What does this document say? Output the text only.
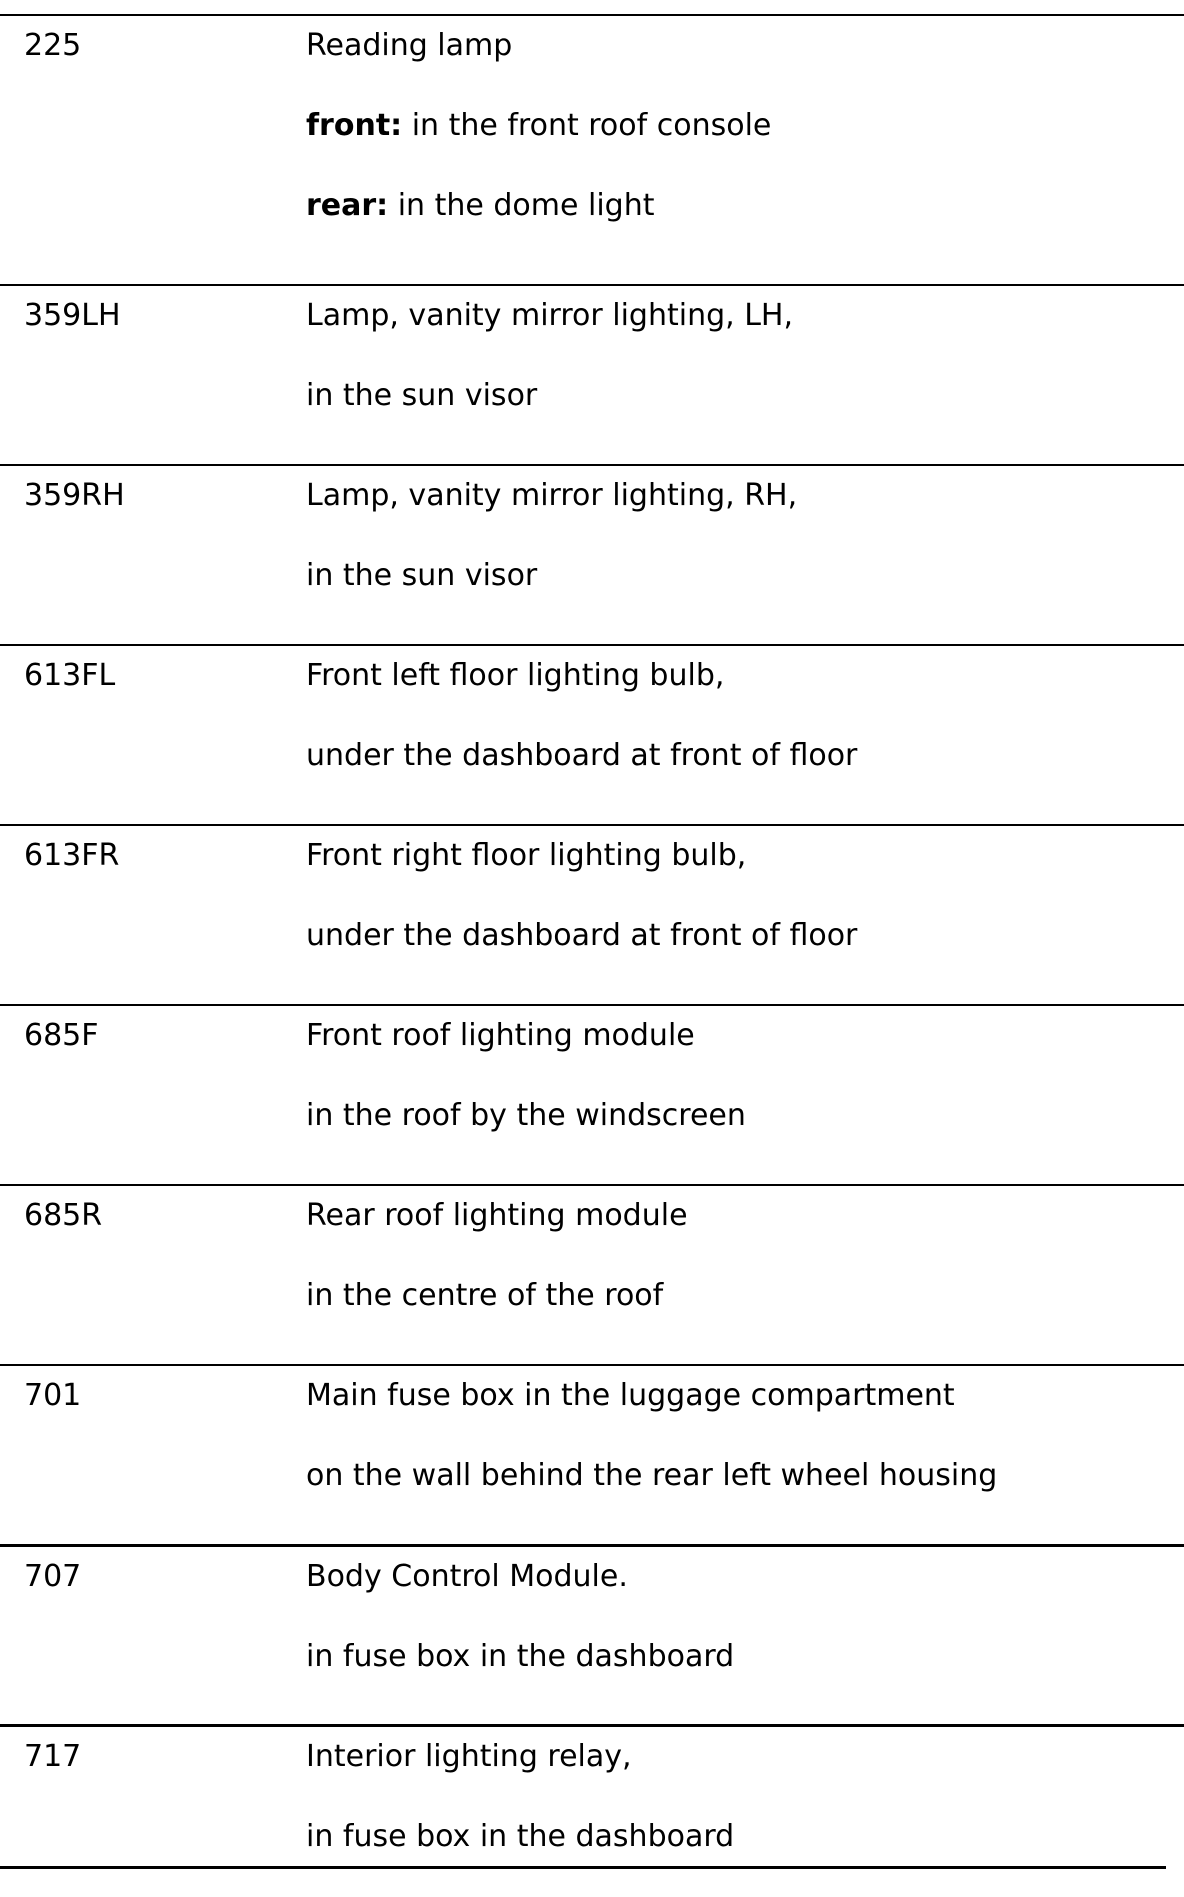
225	Reading lamp
front: in the front roof console
rear: in the dome light
359LH	Lamp, vanity mirror lighting, LH,
in the sun visor
359RH	Lamp, vanity mirror lighting, RH,
in the sun visor
613FL	Front left floor lighting bulb,
under the dashboard at front of floor
613FR	Front right floor lighting bulb,
under the dashboard at front of floor
685F	Front roof lighting module
in the roof by the windscreen
685R	Rear roof lighting module
in the centre of the roof
701	Main fuse box in the luggage compartment
on the wall behind the rear left wheel housing
707	Body Control Module.
in fuse box in the dashboard
717	Interior lighting relay,
in fuse box in the dashboard
